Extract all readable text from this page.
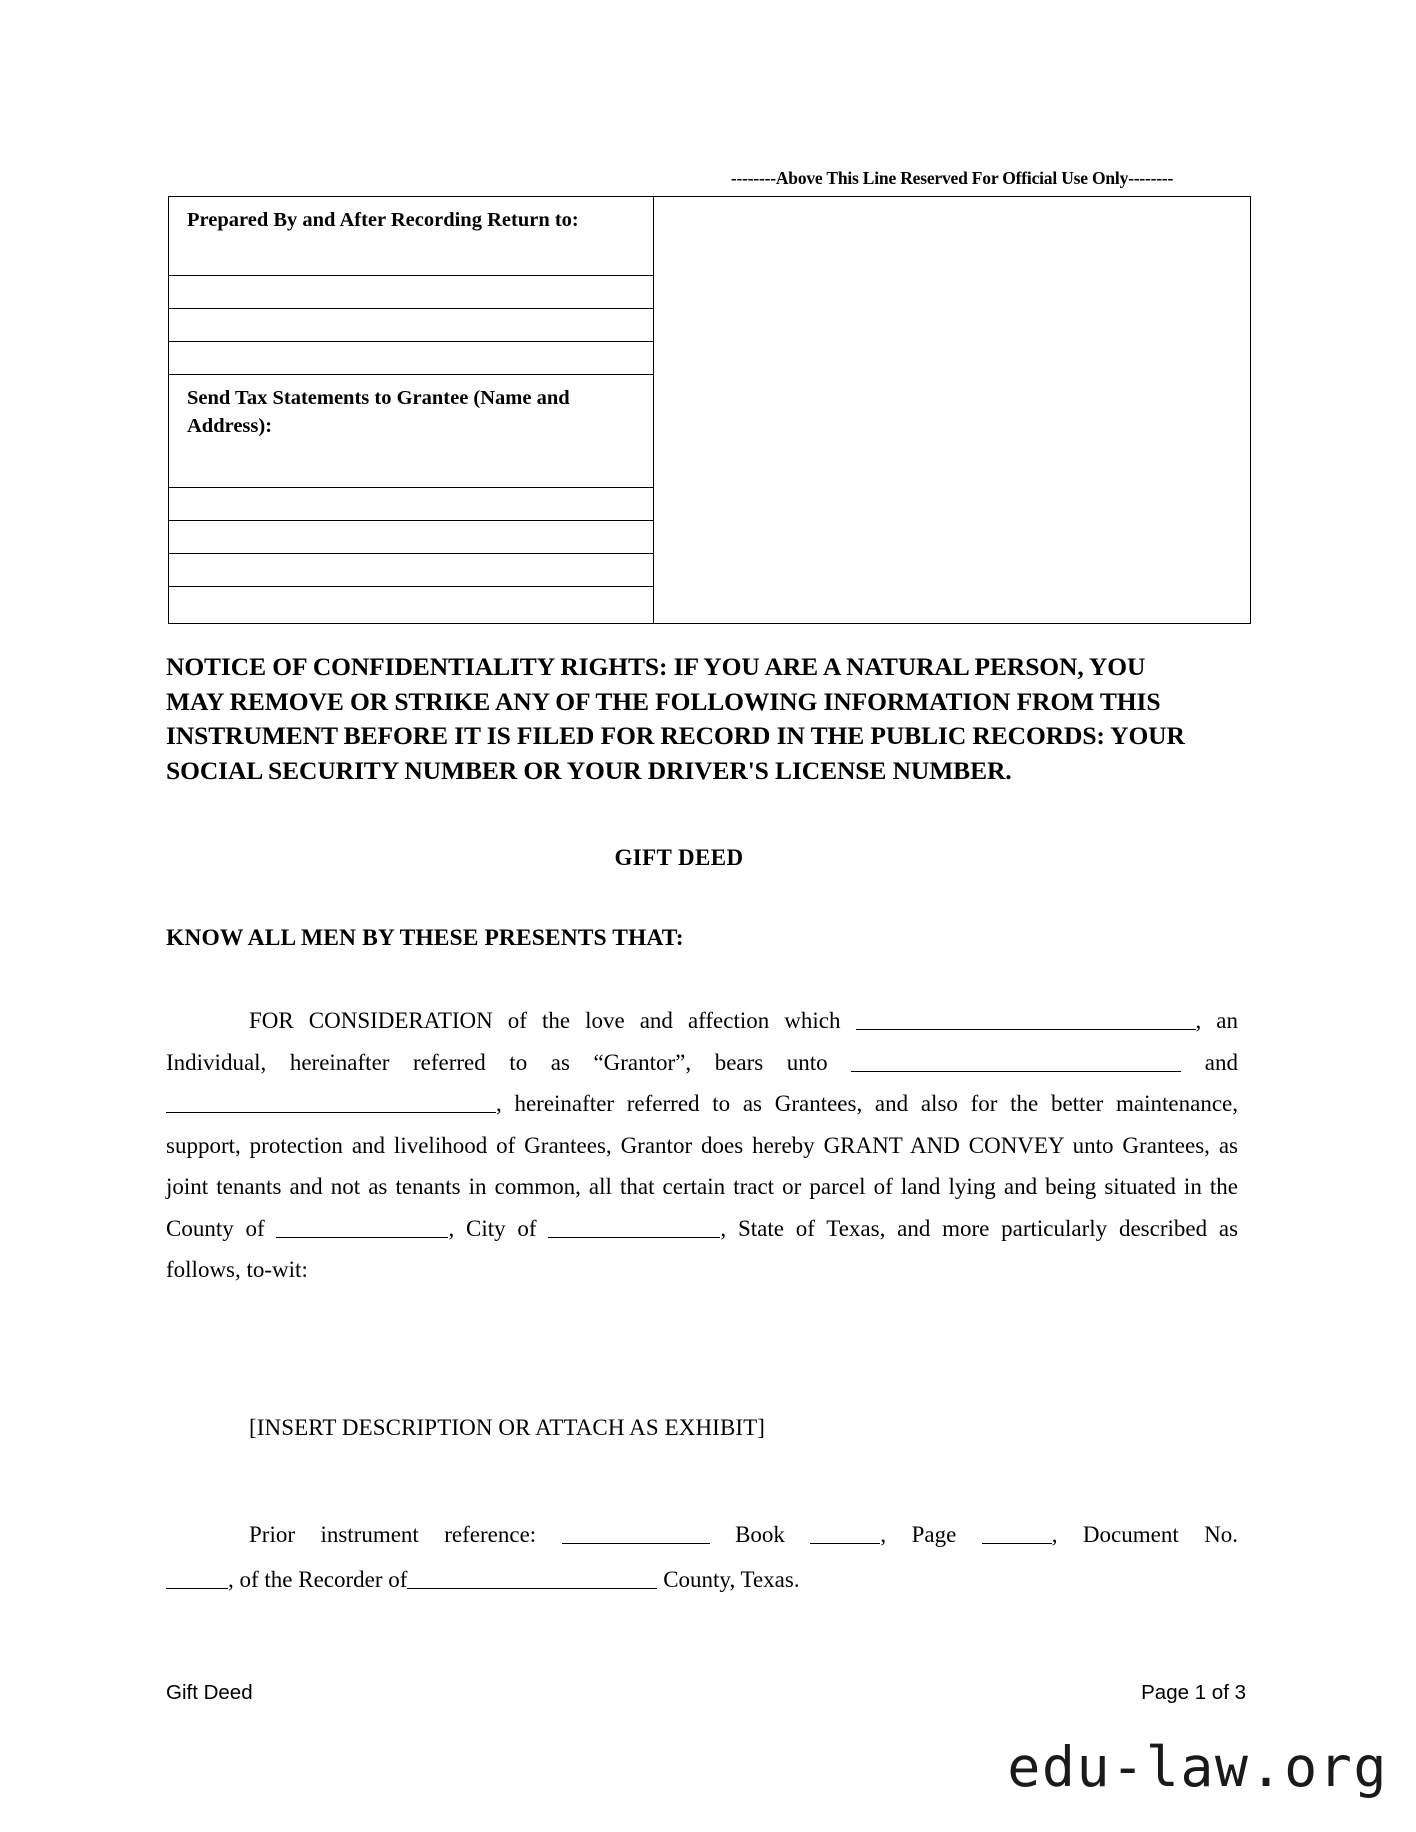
Prepared By and After Recording Return to:

--------Above This Line Reserved For Official Use Only--------

Send Tax Statements to Grantee (Name and Address):

NOTICE OF CONFIDENTIALITY RIGHTS: IF YOU ARE A NATURAL PERSON, YOU MAY REMOVE OR STRIKE ANY OF THE FOLLOWING INFORMATION FROM THIS INSTRUMENT BEFORE IT IS FILED FOR RECORD IN THE PUBLIC RECORDS: YOUR SOCIAL SECURITY NUMBER OR YOUR DRIVER'S LICENSE NUMBER.
GIFT DEED
KNOW ALL MEN BY THESE PRESENTS THAT:

FOR CONSIDERATION of the love and affection which	, an Individual, hereinafter referred to as “Grantor”, bears unto	and , hereinafter referred to as Grantees, and also for the better maintenance, support, protection and livelihood of Grantees, Grantor does hereby GRANT AND CONVEY unto Grantees, as joint tenants and not as tenants in common, all that certain tract or parcel of land lying and being situated in the County of	, City of	, State of Texas, and more particularly described as follows, to-wit:

[INSERT DESCRIPTION OR ATTACH AS EXHIBIT]

Prior instrument reference:	Book	, Page	, Document No.

, of the Recorder of	County, Texas.

Gift Deed	Page 1 of 3
edu-law.org
